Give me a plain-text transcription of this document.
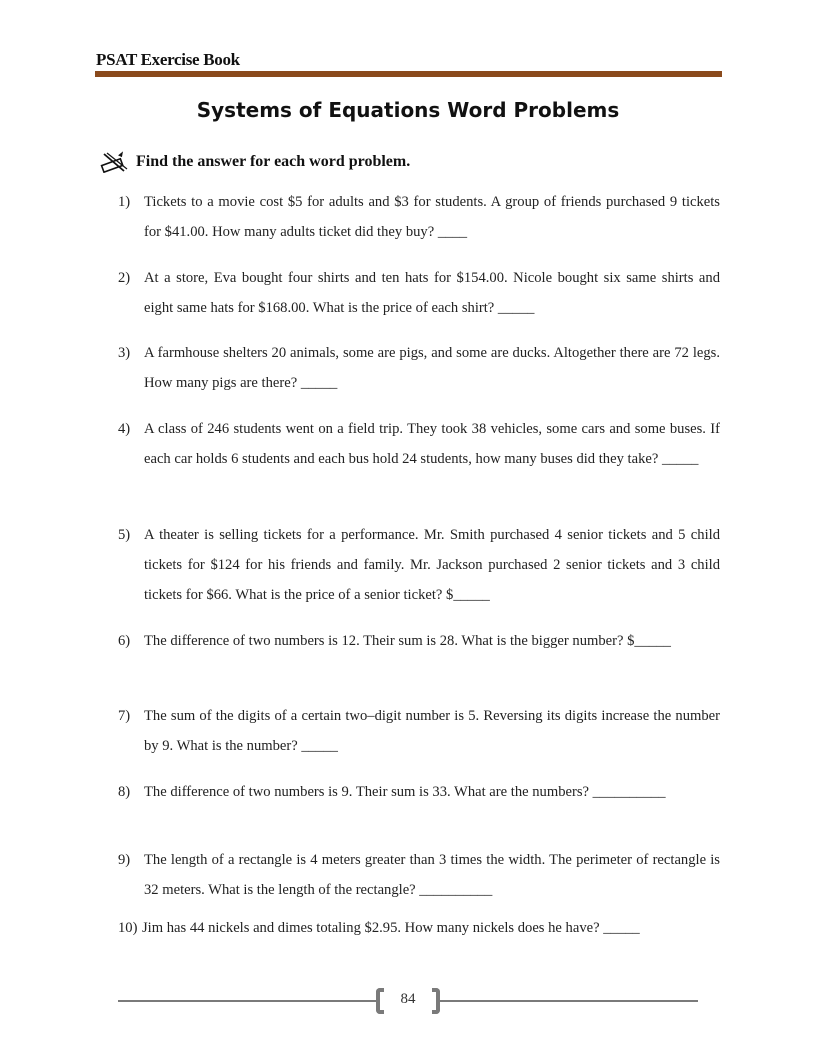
PSAT Exercise Book
Systems of Equations Word Problems
Find the answer for each word problem.
1) Tickets to a movie cost $5 for adults and $3 for students. A group of friends purchased 9 tickets for $41.00. How many adults ticket did they buy? ____
2) At a store, Eva bought four shirts and ten hats for $154.00. Nicole bought six same shirts and eight same hats for $168.00. What is the price of each shirt? _____
3) A farmhouse shelters 20 animals, some are pigs, and some are ducks. Altogether there are 72 legs. How many pigs are there? _____
4) A class of 246 students went on a field trip. They took 38 vehicles, some cars and some buses. If each car holds 6 students and each bus hold 24 students, how many buses did they take? _____
5) A theater is selling tickets for a performance. Mr. Smith purchased 4 senior tickets and 5 child tickets for $124 for his friends and family. Mr. Jackson purchased 2 senior tickets and 3 child tickets for $66. What is the price of a senior ticket? $_____
6) The difference of two numbers is 12. Their sum is 28. What is the bigger number? $_____
7) The sum of the digits of a certain two–digit number is 5. Reversing its digits increase the number by 9. What is the number? _____
8) The difference of two numbers is 9. Their sum is 33. What are the numbers? __________
9) The length of a rectangle is 4 meters greater than 3 times the width. The perimeter of rectangle is 32 meters. What is the length of the rectangle? __________
10) Jim has 44 nickels and dimes totaling $2.95. How many nickels does he have? _____
84
